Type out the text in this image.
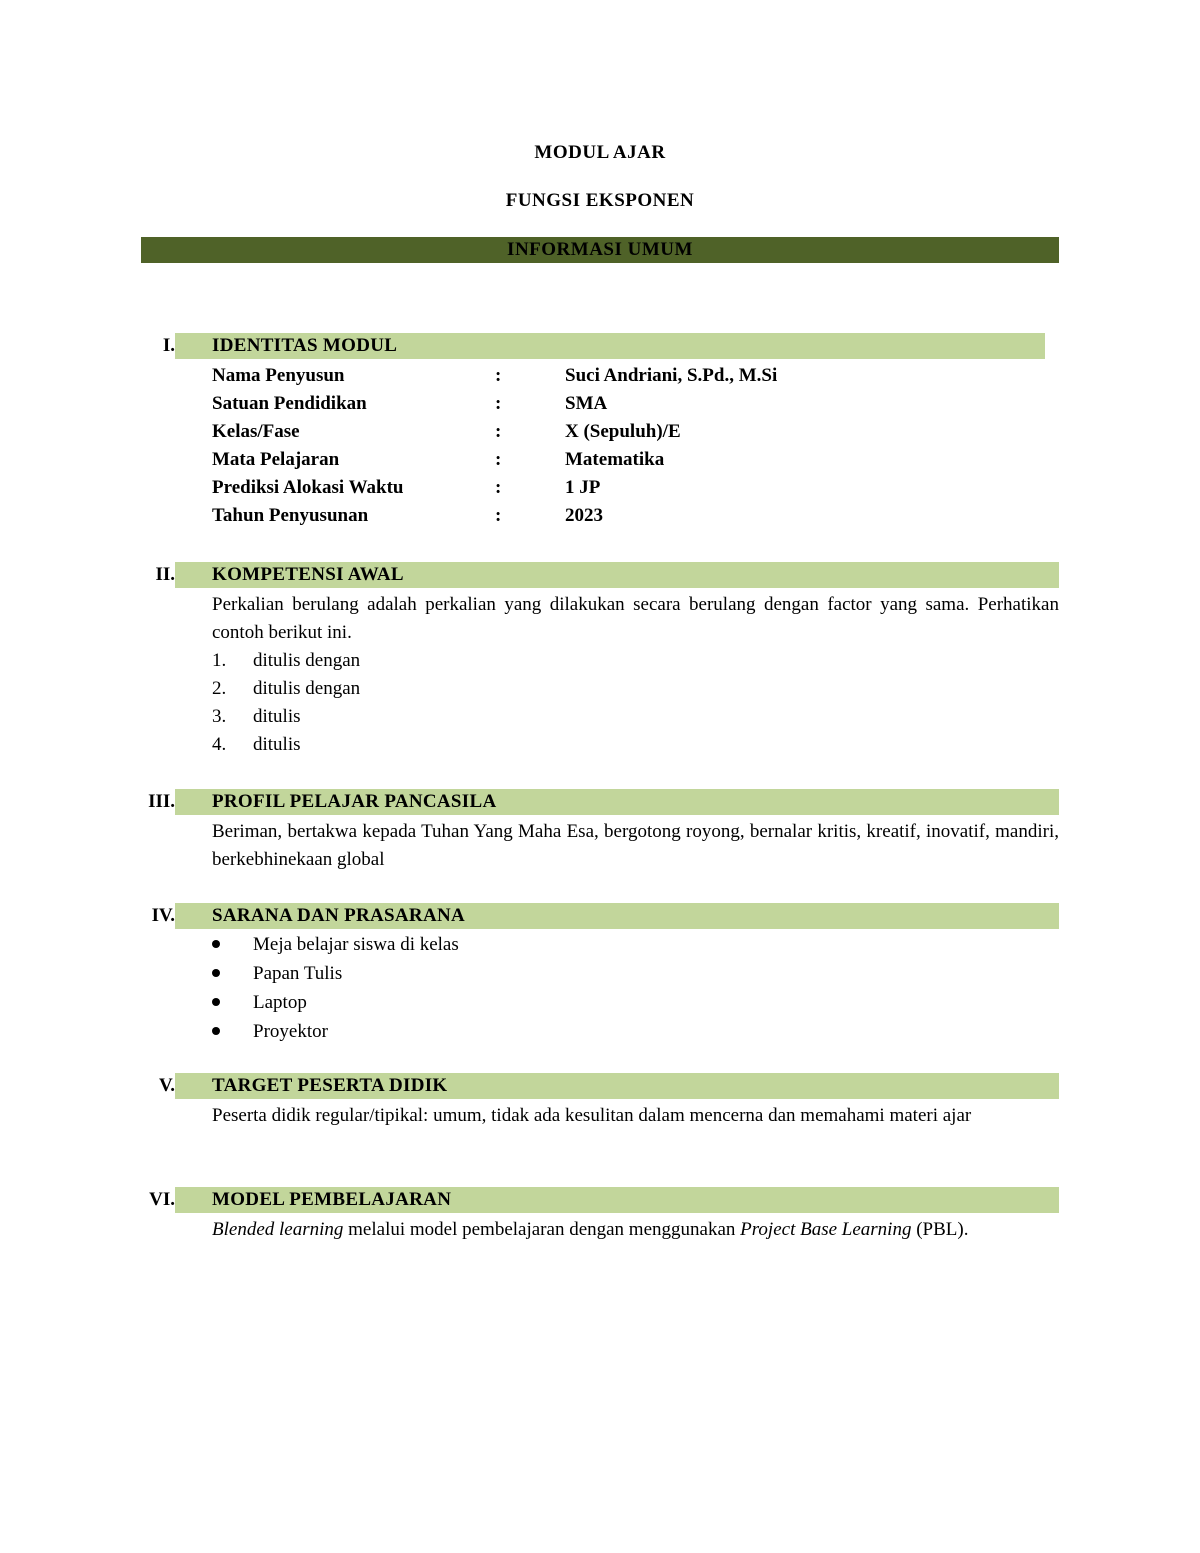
MODUL AJAR
FUNGSI EKSPONEN
INFORMASI UMUM
I. IDENTITAS MODUL
Nama Penyusun	:	Suci Andriani, S.Pd., M.Si
Satuan Pendidikan	:	SMA
Kelas/Fase	:	X (Sepuluh)/E
Mata Pelajaran	:	Matematika
Prediksi Alokasi Waktu	:	1 JP
Tahun Penyusunan	:	2023
II. KOMPETENSI AWAL
Perkalian berulang adalah perkalian yang dilakukan secara berulang dengan factor yang sama. Perhatikan contoh berikut ini.
1.	ditulis dengan
2.	ditulis dengan
3.	ditulis
4.	ditulis
III. PROFIL PELAJAR PANCASILA
Beriman, bertakwa kepada Tuhan Yang Maha Esa, bergotong royong, bernalar kritis, kreatif, inovatif, mandiri, berkebhinekaan global
IV. SARANA DAN PRASARANA
Meja belajar siswa di kelas
Papan Tulis
Laptop
Proyektor
V. TARGET PESERTA DIDIK
Peserta didik regular/tipikal: umum, tidak ada kesulitan dalam mencerna dan memahami materi ajar
VI. MODEL PEMBELAJARAN
Blended learning melalui model pembelajaran dengan menggunakan Project Base Learning (PBL).
